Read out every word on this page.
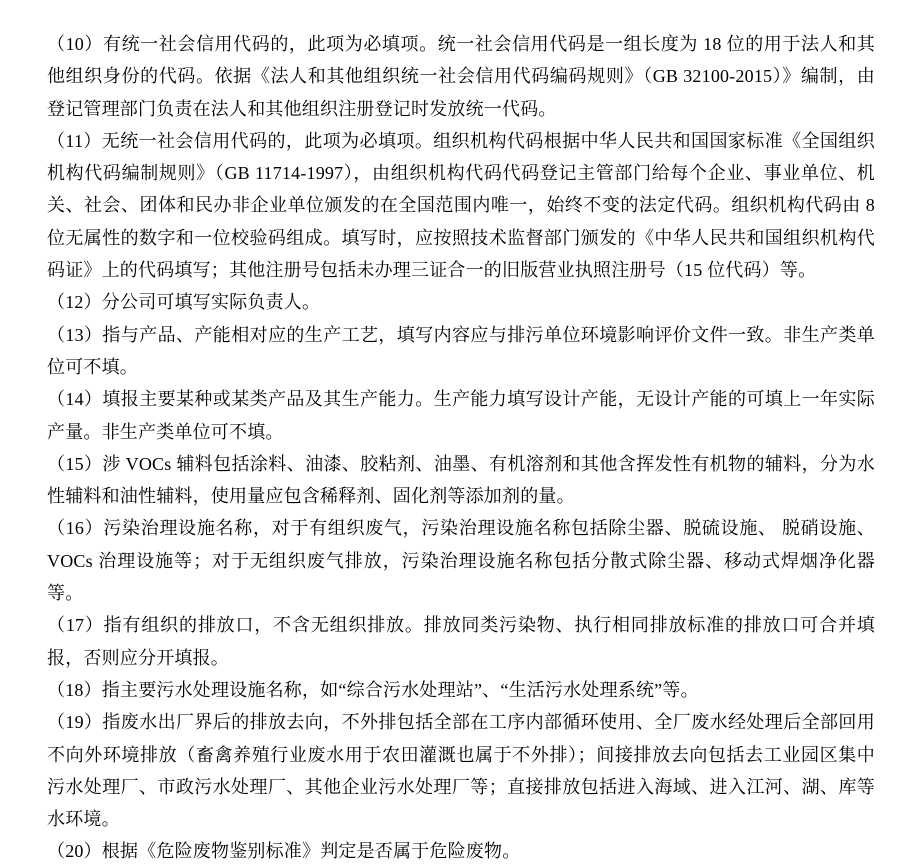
（10）有统一社会信用代码的，此项为必填项。统一社会信用代码是一组长度为 18 位的用于法人和其他组织身份的代码。依据《法人和其他组织统一社会信用代码编码规则》（GB 32100-2015）》编制，由登记管理部门负责在法人和其他组织注册登记时发放统一代码。

（11）无统一社会信用代码的，此项为必填项。组织机构代码根据中华人民共和国国家标准《全国组织机构代码编制规则》（GB 11714-1997），由组织机构代码代码登记主管部门给每个企业、事业单位、机关、社会、团体和民办非企业单位颁发的在全国范围内唯一，始终不变的法定代码。组织机构代码由 8 位无属性的数字和一位校验码组成。填写时，应按照技术监督部门颁发的《中华人民共和国组织机构代码证》上的代码填写；其他注册号包括未办理三证合一的旧版营业执照注册号（15 位代码）等。

（12）分公司可填写实际负责人。

（13）指与产品、产能相对应的生产工艺，填写内容应与排污单位环境影响评价文件一致。非生产类单位可不填。

（14）填报主要某种或某类产品及其生产能力。生产能力填写设计产能，无设计产能的可填上一年实际产量。非生产类单位可不填。

（15）涉 VOCs 辅料包括涂料、油漆、胶粘剂、油墨、有机溶剂和其他含挥发性有机物的辅料，分为水性辅料和油性辅料，使用量应包含稀释剂、固化剂等添加剂的量。

（16）污染治理设施名称，对于有组织废气，污染治理设施名称包括除尘器、脱硫设施、 脱硝设施、VOCs 治理设施等；对于无组织废气排放，污染治理设施名称包括分散式除尘器、移动式焊烟净化器等。

（17）指有组织的排放口，不含无组织排放。排放同类污染物、执行相同排放标准的排放口可合并填报，否则应分开填报。

（18）指主要污水处理设施名称，如“综合污水处理站”、“生活污水处理系统”等。

（19）指废水出厂界后的排放去向，不外排包括全部在工序内部循环使用、全厂废水经处理后全部回用不向外环境排放（畜禽养殖行业废水用于农田灌溉也属于不外排）；间接排放去向包括去工业园区集中污水处理厂、市政污水处理厂、其他企业污水处理厂等；直接排放包括进入海域、进入江河、湖、库等水环境。

（20）根据《危险废物鉴别标准》判定是否属于危险废物。
